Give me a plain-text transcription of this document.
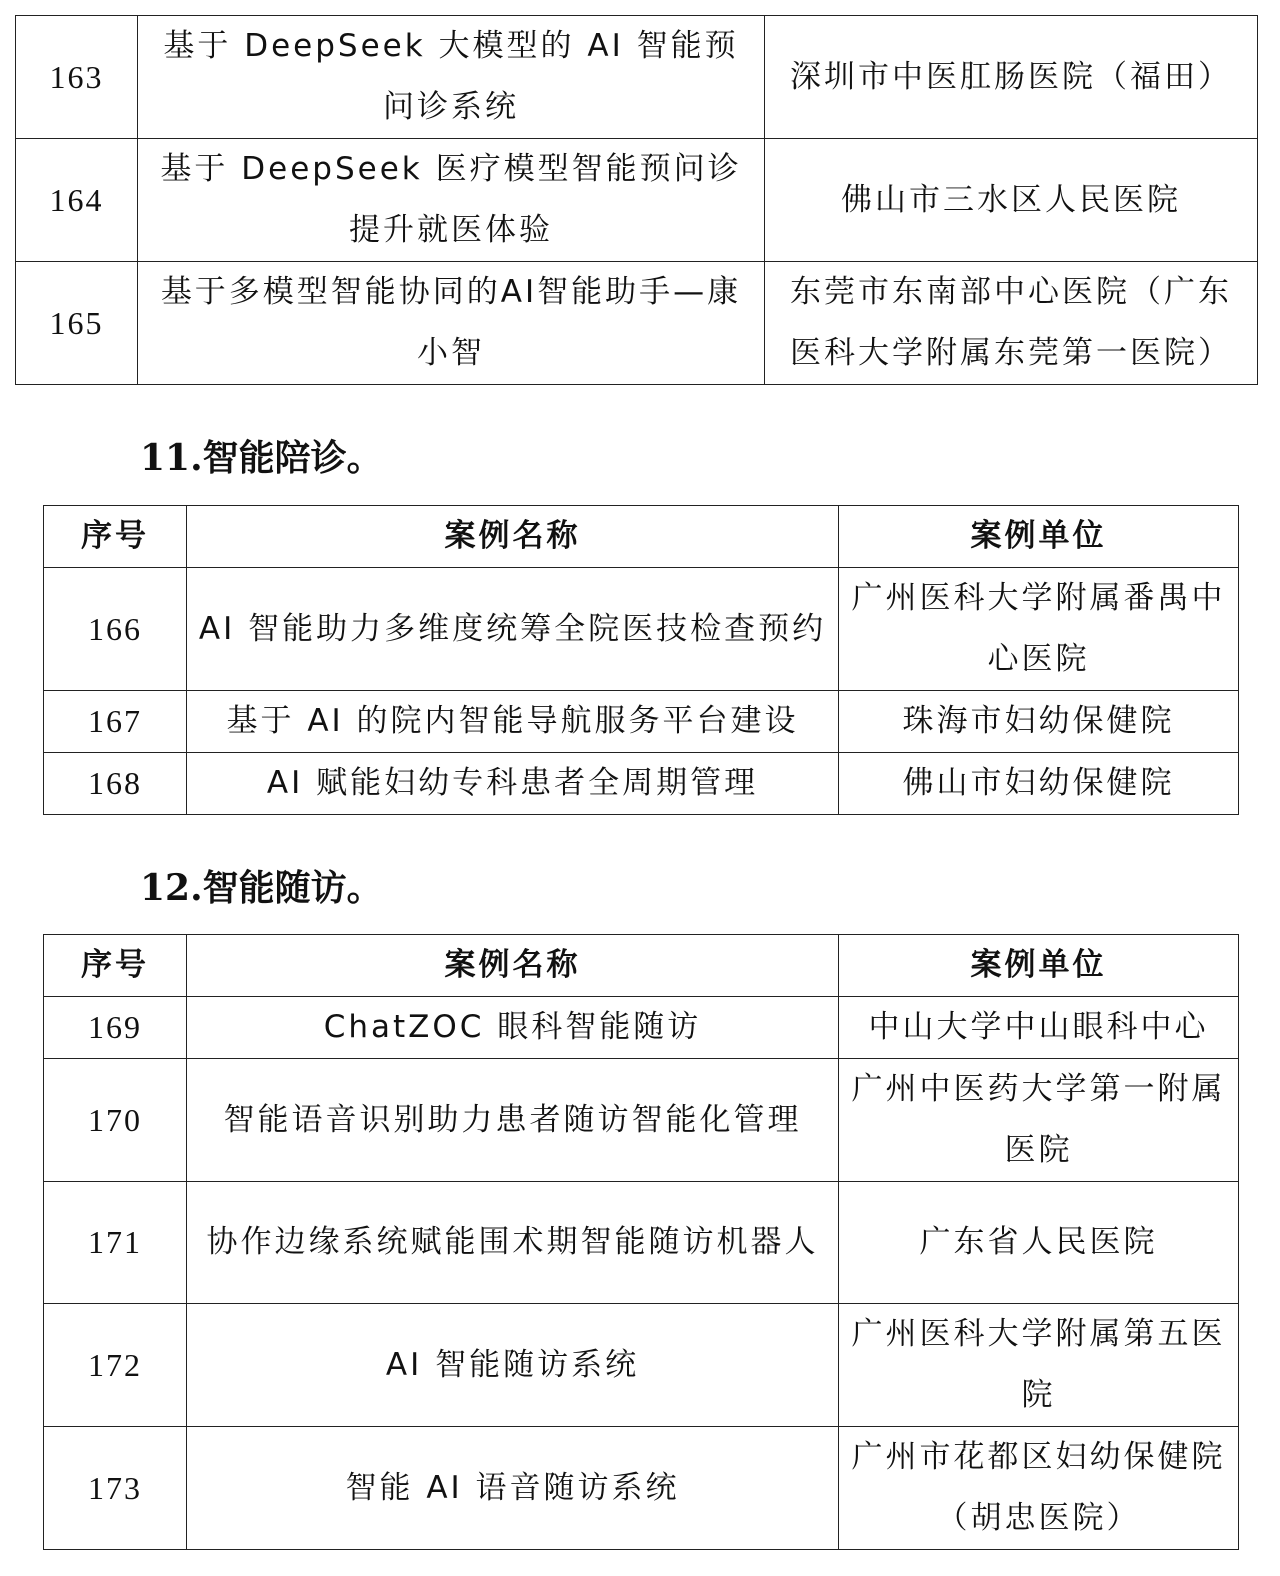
163	基于 DeepSeek 大模型的 AI 智能预问诊系统	深圳市中医肛肠医院（福田）
164	基于 DeepSeek 医疗模型智能预问诊提升就医体验	佛山市三水区人民医院
165	基于多模型智能协同的AI智能助手—康小智	东莞市东南部中心医院（广东医科大学附属东莞第一医院）
11.智能陪诊。
序号	案例名称	案例单位
166	AI 智能助力多维度统筹全院医技检查预约	广州医科大学附属番禺中心医院
167	基于 AI 的院内智能导航服务平台建设	珠海市妇幼保健院
168	AI 赋能妇幼专科患者全周期管理	佛山市妇幼保健院
12.智能随访。
序号	案例名称	案例单位
169	ChatZOC 眼科智能随访	中山大学中山眼科中心
170	智能语音识别助力患者随访智能化管理	广州中医药大学第一附属医院
171	协作边缘系统赋能围术期智能随访机器人	广东省人民医院
172	AI 智能随访系统	广州医科大学附属第五医院
173	智能 AI 语音随访系统	广州市花都区妇幼保健院（胡忠医院）
